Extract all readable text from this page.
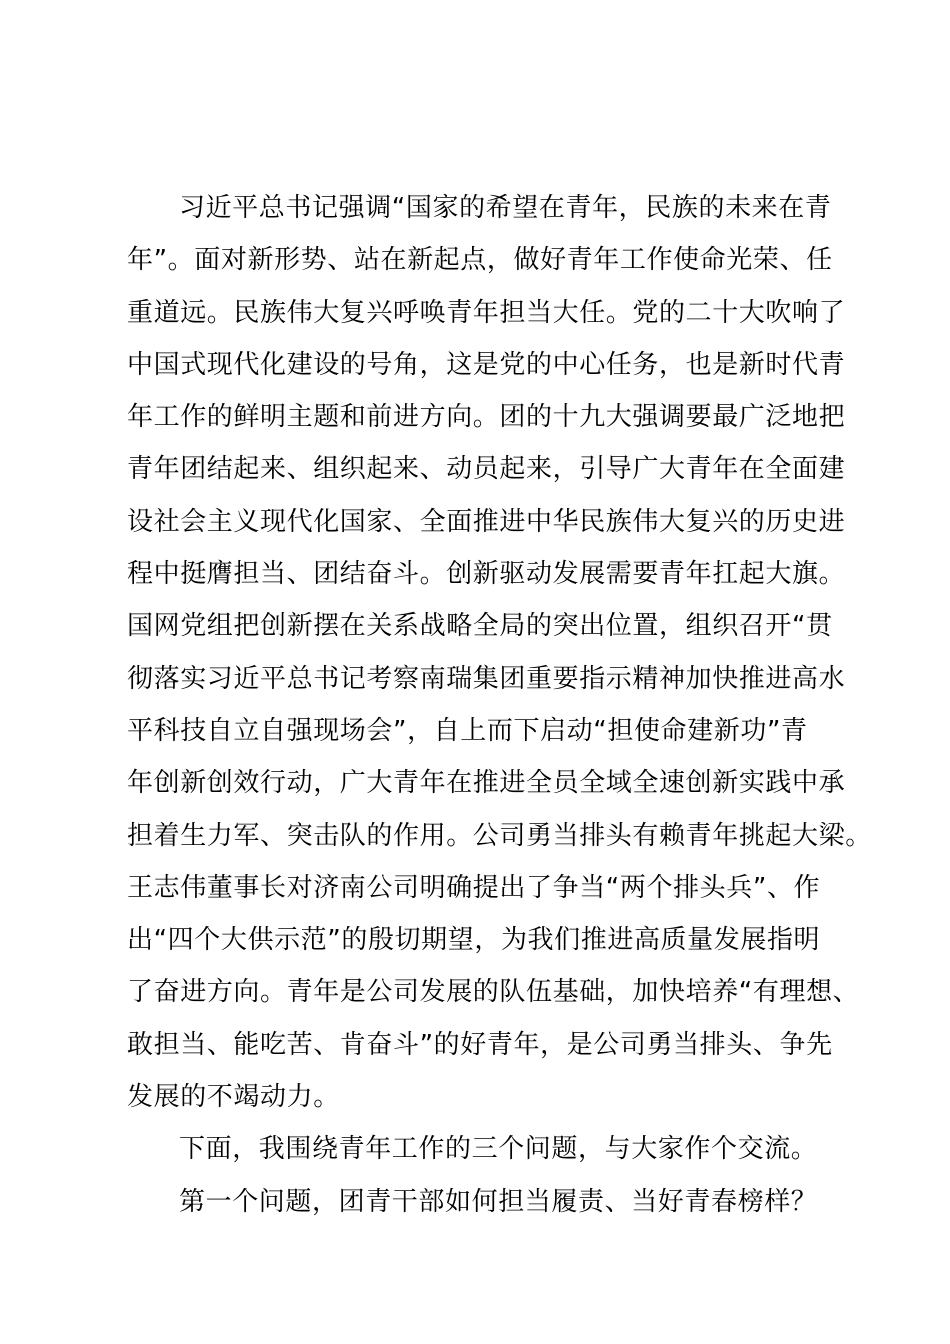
习近平总书记强调“国家的希望在青年，民族的未来在青
年”。面对新形势、站在新起点，做好青年工作使命光荣、任
重道远。民族伟大复兴呼唤青年担当大任。党的二十大吹响了
中国式现代化建设的号角，这是党的中心任务，也是新时代青
年工作的鲜明主题和前进方向。团的十九大强调要最广泛地把
青年团结起来、组织起来、动员起来，引导广大青年在全面建
设社会主义现代化国家、全面推进中华民族伟大复兴的历史进
程中挺膺担当、团结奋斗。创新驱动发展需要青年扛起大旗。
国网党组把创新摆在关系战略全局的突出位置，组织召开“贯
彻落实习近平总书记考察南瑞集团重要指示精神加快推进高水
平科技自立自强现场会”，自上而下启动“担使命建新功”青
年创新创效行动，广大青年在推进全员全域全速创新实践中承
担着生力军、突击队的作用。公司勇当排头有赖青年挑起大梁。
王志伟董事长对济南公司明确提出了争当“两个排头兵”、作
出“四个大供示范”的殷切期望，为我们推进高质量发展指明
了奋进方向。青年是公司发展的队伍基础，加快培养“有理想、
敢担当、能吃苦、肯奋斗”的好青年，是公司勇当排头、争先
发展的不竭动力。
下面，我围绕青年工作的三个问题，与大家作个交流。
第一个问题，团青干部如何担当履责、当好青春榜样？
